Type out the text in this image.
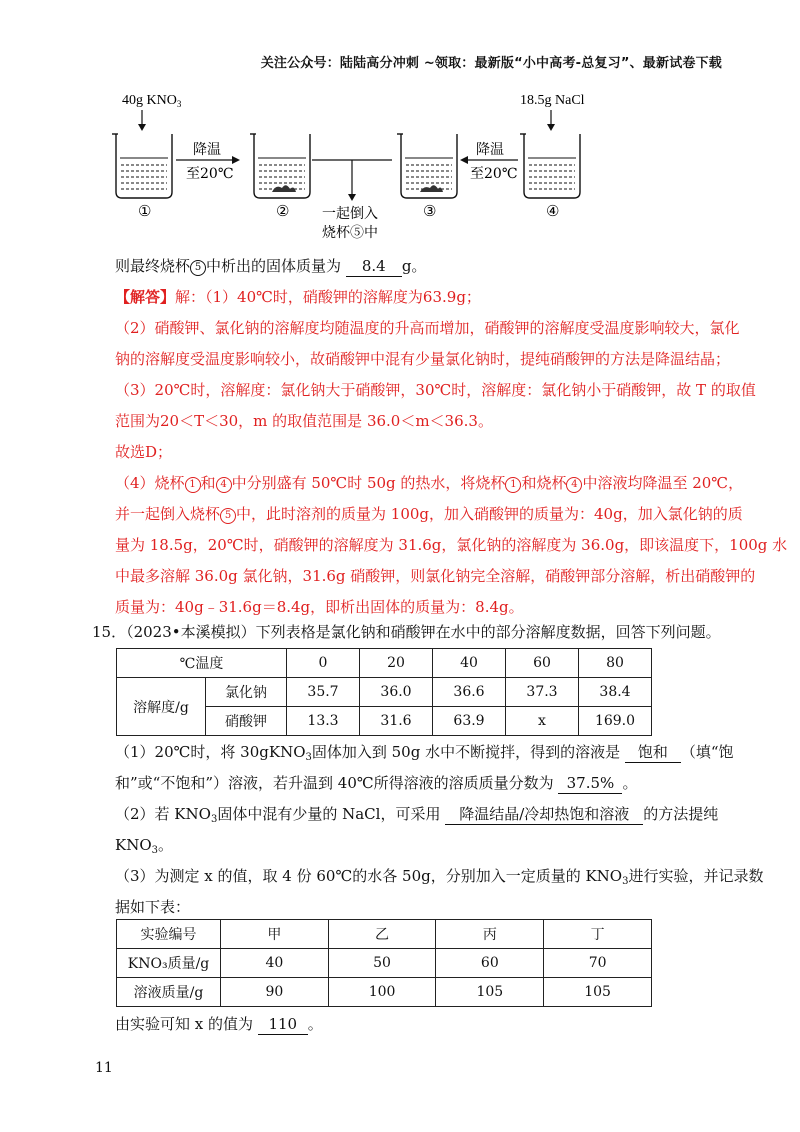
关注公众号：陆陆高分冲刺 ~领取：最新版“小中高考-总复习”、最新试卷下载
40g $KNO_3$	18.5g NaCl
降温
至20℃
降温
至20℃
一起倒入
烧杯⑤中
①	②	③	④
则最终烧杯 5 中析出的固体质量为 8.4 g。
【解答】解：（1）40℃时，硝酸钾的溶解度为63.9g；
（2）硝酸钾、氯化钠的溶解度均随温度的升高而增加，硝酸钾的溶解度受温度影响较大，氯化
钠的溶解度受温度影响较小，故硝酸钾中混有少量氯化钠时，提纯硝酸钾的方法是降温结晶；
（3）20℃时，溶解度：氯化钠大于硝酸钾，30℃时，溶解度：氯化钠小于硝酸钾，故 T 的取值
范围为20＜T＜30，m 的取值范围是 36.0＜m＜36.3。
故选D；
（4）烧杯 1 和 4 中分别盛有 50℃时 50g 的热水，将烧杯 1 和烧杯 4 中溶液均降温至 20℃，
并一起倒入烧杯 5 中，此时溶剂的质量为 100g，加入硝酸钾的质量为：40g，加入氯化钠的质
量为 18.5g，20℃时，硝酸钾的溶解度为 31.6g，氯化钠的溶解度为 36.0g，即该温度下，100g 水
中最多溶解 36.0g 氯化钠，31.6g 硝酸钾，则氯化钠完全溶解，硝酸钾部分溶解，析出硝酸钾的
质量为：40g﹣31.6g＝8.4g，即析出固体的质量为：8.4g。
15．（2023•本溪模拟）下列表格是氯化钠和硝酸钾在水中的部分溶解度数据，回答下列问题。
℃温度		0	20	40	60	80
溶解度/g	氯化钠	35.7	36.0	36.6	37.3	38.4
	硝酸钾	13.3	31.6	63.9	x	169.0
（1）20℃时，将 30gKNO$_3$固体加入到 50g 水中不断搅拌，得到的溶液是 饱和 （填“饱
和”或“不饱和”）溶液，若升温到 40℃所得溶液的溶质质量分数为 37.5% 。
（2）若 $KNO_3$固体中混有少量的 NaCl，可采用 降温结晶/冷却热饱和溶液 的方法提纯
$KNO_3$。
（3）为测定 x 的值，取 4 份 60℃的水各 50g，分别加入一定质量的 $KNO_3$进行实验，并记录数
据如下表：
实验编号	甲	乙	丙	丁
KNO₃质量/g	40	50	60	70
溶液质量/g	90	100	105	105
由实验可知 x 的值为 110 。
11
